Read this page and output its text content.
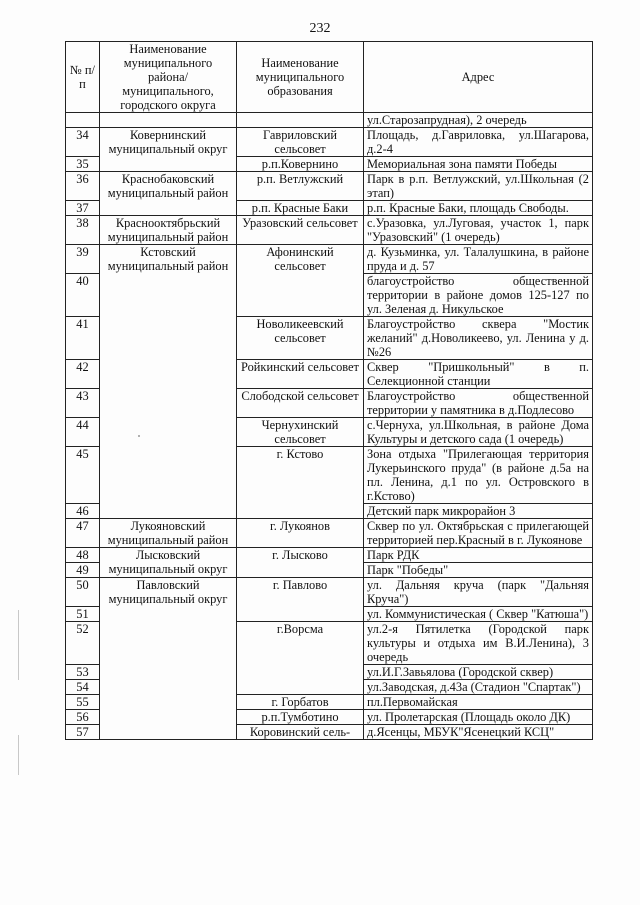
232
№ п/п	Наименование муниципального района/ муниципального, городского округа	Наименование муниципального образования	Адрес
			ул.Старозапрудная), 2 очередь
34	Ковернинский муниципальный округ	Гавриловский сельсовет	Площадь, д.Гавриловка, ул.Шагарова, д.2-4
35		р.п.Ковернино	Мемориальная зона памяти Победы
36	Краснобаковский муниципальный район	р.п. Ветлужский	Парк в р.п. Ветлужский, ул.Школьная (2 этап)
37		р.п. Красные Баки	р.п. Красные Баки, площадь Свободы.
38	Краснооктябрьский муниципальный район	Уразовский сельсовет	с.Уразовка, ул.Луговая, участок 1, парк "Уразовский" (1 очередь)
39	Кстовский муниципальный район	Афонинский сельсовет	д. Кузьминка, ул. Талалушкина, в районе пруда и д. 57
40			благоустройство общественной территории в районе домов 125-127 по ул. Зеленая д. Никульское
41		Новоликеевский сельсовет	Благоустройство сквера "Мостик желаний" д.Новоликеево, ул. Ленина у д. №26
42		Ройкинский сельсовет	Сквер "Пришкольный" в п. Селекционной станции
43		Слободской сельсовет	Благоустройство общественной территории у памятника в д.Подлесово
44		Чернухинский сельсовет	с.Чернуха, ул.Школьная, в районе Дома Культуры и детского сада (1 очередь)
45		г. Кстово	Зона отдыха "Прилегающая территория Лукерьинского пруда" (в районе д.5а на пл. Ленина, д.1 по ул. Островского в г.Кстово)
46			Детский парк микрорайон 3
47	Лукояновский муниципальный район	г. Лукоянов	Сквер по ул. Октябрьская с прилегающей территорией пер.Красный в г. Лукоянове
48	Лысковский муниципальный округ	г. Лысково	Парк РДК
49			Парк "Победы"
50	Павловский муниципальный округ	г. Павлово	ул. Дальняя круча (парк "Дальняя Круча")
51			ул. Коммунистическая ( Сквер "Катюша")
52		г.Ворсма	ул.2-я Пятилетка (Городской парк культуры и отдыха им В.И.Ленина), 3 очередь
53			ул.И.Г.Завьялова (Городской сквер)
54			ул.Заводская, д.43а (Стадион "Спартак")
55		г. Горбатов	пл.Первомайская
56		р.п.Тумботино	ул. Пролетарская (Площадь около ДК)
57		Коровинский сель-	д.Ясенцы, МБУК"Ясенецкий КСЦ"
